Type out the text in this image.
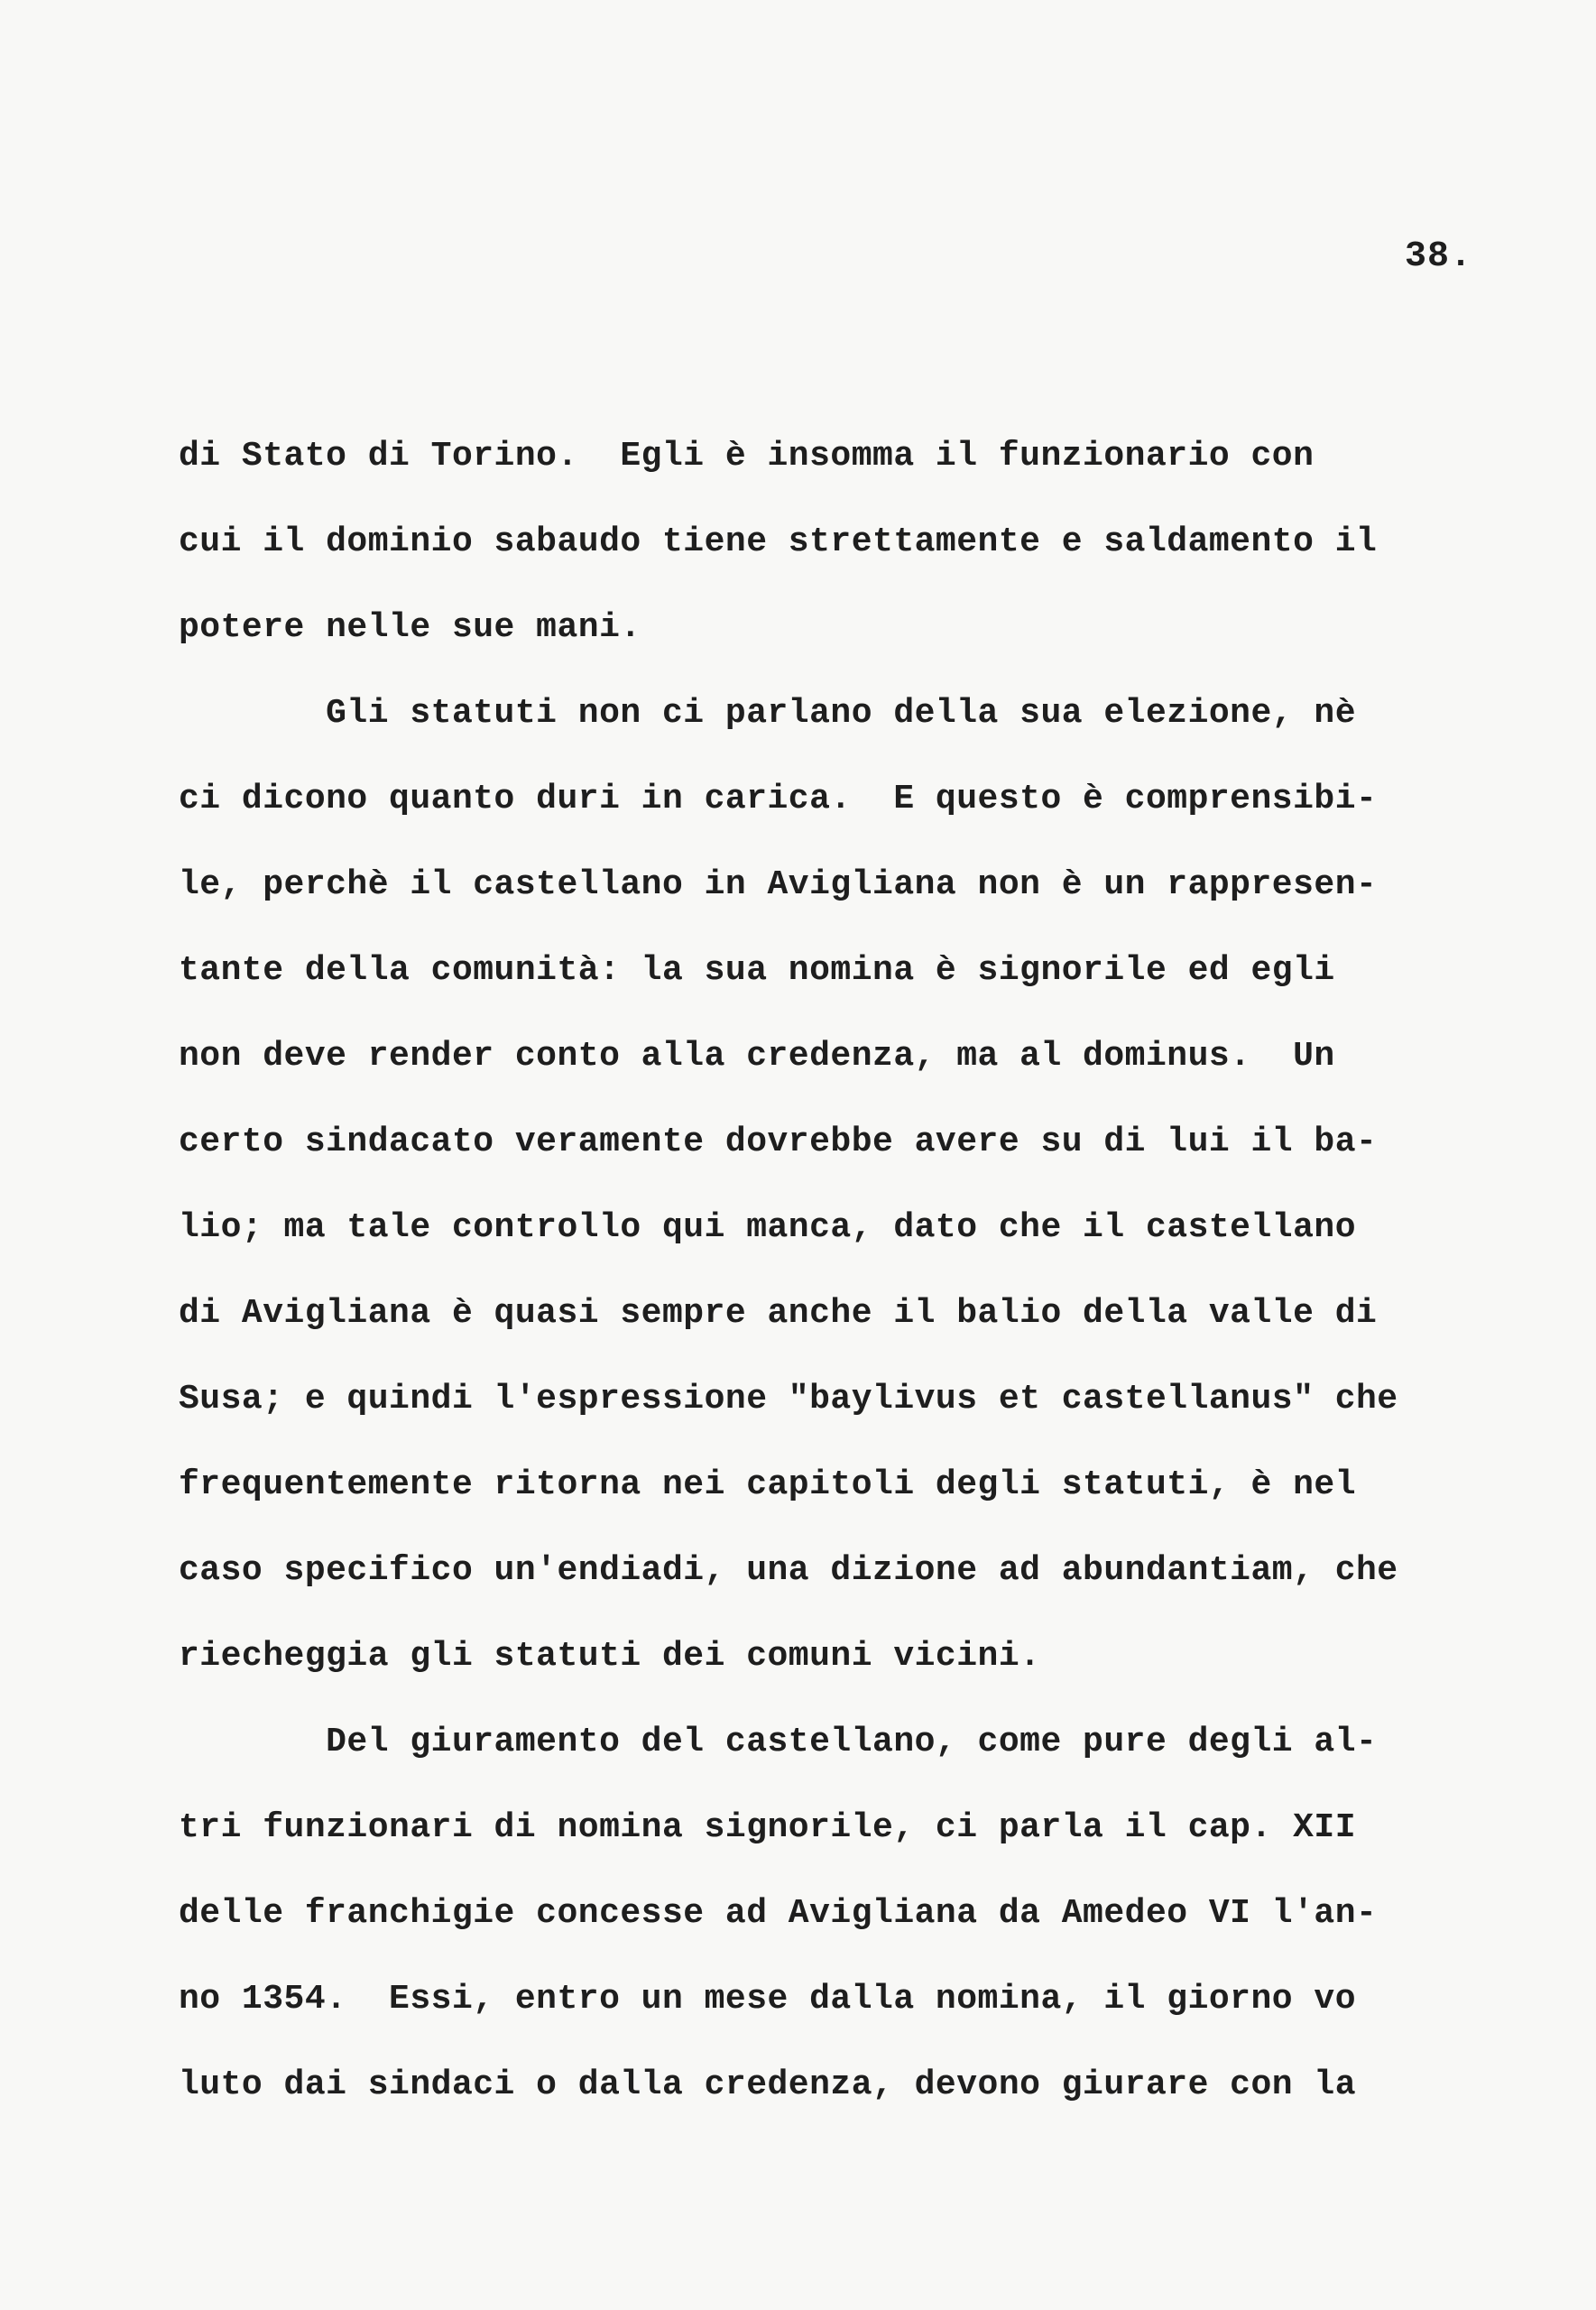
38.
di Stato di Torino.  Egli è insomma il funzionario con
cui il dominio sabaudo tiene strettamente e saldamento il
potere nelle sue mani.
Gli statuti non ci parlano della sua elezione, nè
ci dicono quanto duri in carica.  E questo è comprensibi-
le, perchè il castellano in Avigliana non è un rappresen-
tante della comunità: la sua nomina è signorile ed egli
non deve render conto alla credenza, ma al dominus.  Un
certo sindacato veramente dovrebbe avere su di lui il ba-
lio; ma tale controllo qui manca, dato che il castellano
di Avigliana è quasi sempre anche il balio della valle di
Susa; e quindi l'espressione "baylivus et castellanus" che
frequentemente ritorna nei capitoli degli statuti, è nel
caso specifico un'endiadi, una dizione ad abundantiam, che
riecheggia gli statuti dei comuni vicini.
Del giuramento del castellano, come pure degli al-
tri funzionari di nomina signorile, ci parla il cap. XII
delle franchigie concesse ad Avigliana da Amedeo VI l'an-
no 1354.  Essi, entro un mese dalla nomina, il giorno vo
luto dai sindaci o dalla credenza, devono giurare con la
